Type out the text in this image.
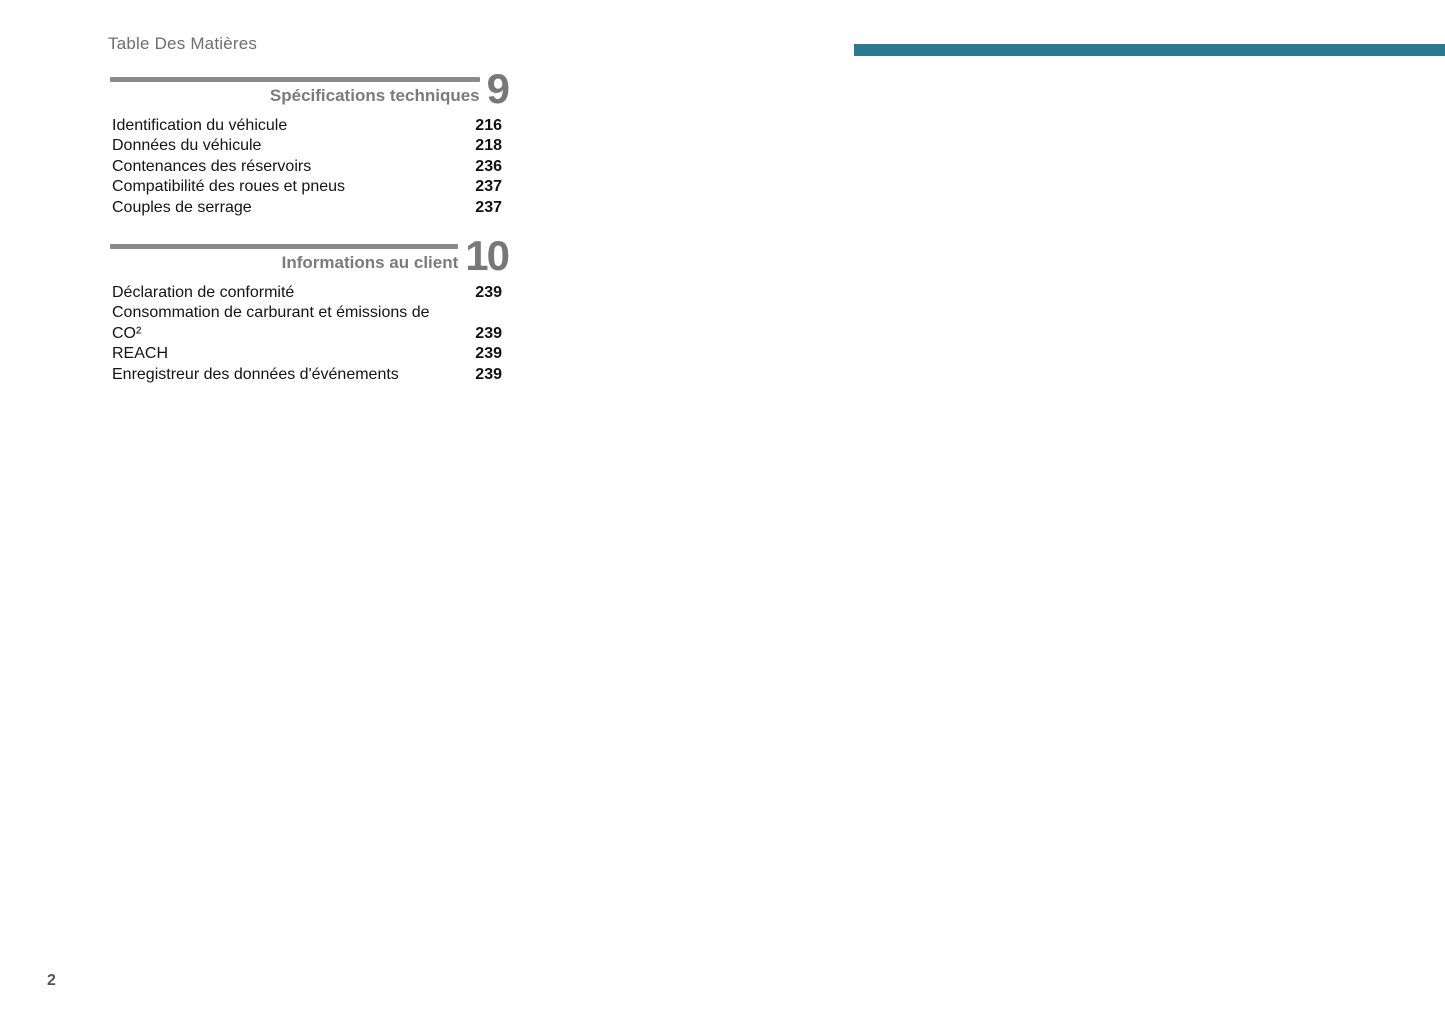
Table Des Matières
Spécifications techniques 9
Identification du véhicule	216
Données du véhicule	218
Contenances des réservoirs	236
Compatibilité des roues et pneus	237
Couples de serrage	237
Informations au client 10
Déclaration de conformité	239
Consommation de carburant et émissions de
CO²	239
REACH	239
Enregistreur des données d'événements	239
2
